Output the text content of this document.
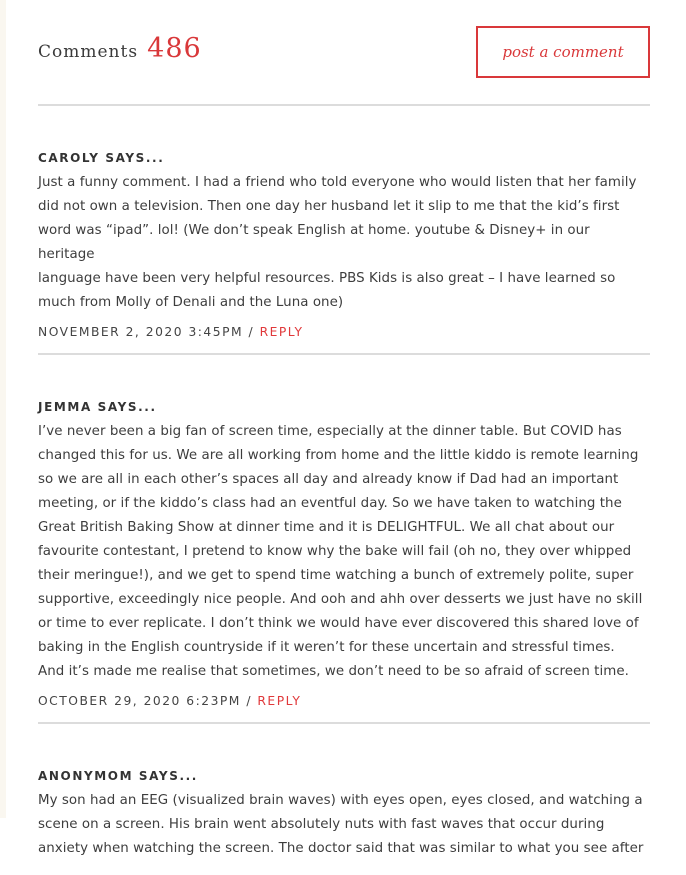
Comments 486	post a comment
CAROLY SAYS...
Just a funny comment. I had a friend who told everyone who would listen that her family
did not own a television. Then one day her husband let it slip to me that the kid’s first
word was “ipad”. lol! (We don’t speak English at home. youtube & Disney+ in our heritage
language have been very helpful resources. PBS Kids is also great – I have learned so
much from Molly of Denali and the Luna one)
NOVEMBER 2, 2020 3:45PM / REPLY
JEMMA SAYS...
I’ve never been a big fan of screen time, especially at the dinner table. But COVID has
changed this for us. We are all working from home and the little kiddo is remote learning
so we are all in each other’s spaces all day and already know if Dad had an important
meeting, or if the kiddo’s class had an eventful day. So we have taken to watching the
Great British Baking Show at dinner time and it is DELIGHTFUL. We all chat about our
favourite contestant, I pretend to know why the bake will fail (oh no, they over whipped
their meringue!), and we get to spend time watching a bunch of extremely polite, super
supportive, exceedingly nice people. And ooh and ahh over desserts we just have no skill
or time to ever replicate. I don’t think we would have ever discovered this shared love of
baking in the English countryside if it weren’t for these uncertain and stressful times.
And it’s made me realise that sometimes, we don’t need to be so afraid of screen time.
OCTOBER 29, 2020 6:23PM / REPLY
ANONYMOM SAYS...
My son had an EEG (visualized brain waves) with eyes open, eyes closed, and watching a
scene on a screen. His brain went absolutely nuts with fast waves that occur during
anxiety when watching the screen. The doctor said that was similar to what you see after
